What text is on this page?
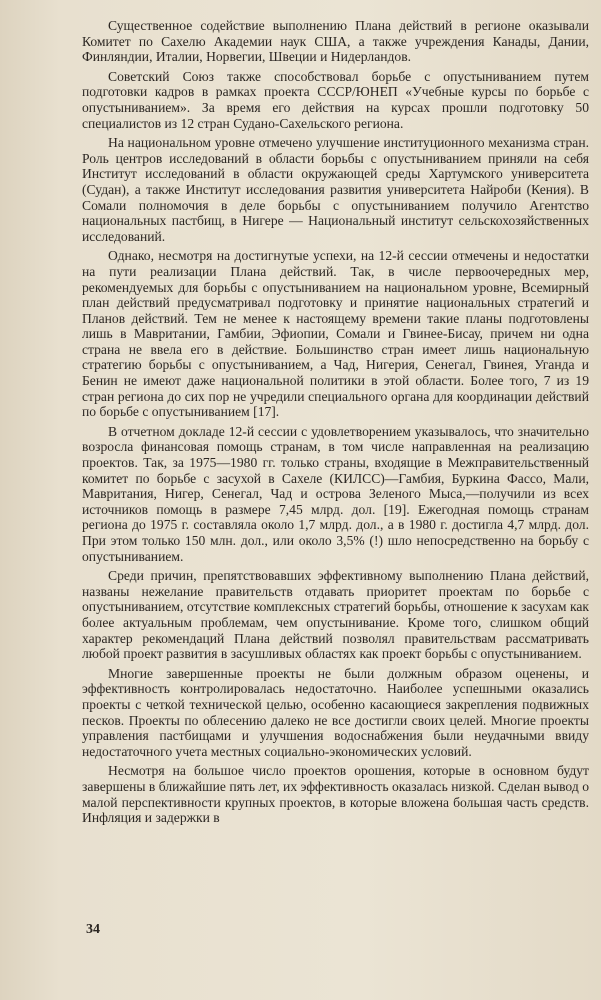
Существенное содействие выполнению Плана действий в регионе оказывали Комитет по Сахелю Академии наук США, а также учреждения Канады, Дании, Финляндии, Италии, Норвегии, Швеции и Нидерландов.

Советский Союз также способствовал борьбе с опустыниванием путем подготовки кадров в рамках проекта СССР/ЮНЕП «Учебные курсы по борьбе с опустыниванием». За время его действия на курсах прошли подготовку 50 специалистов из 12 стран Судано-Сахельского региона.

На национальном уровне отмечено улучшение институционного механизма стран. Роль центров исследований в области борьбы с опустыниванием приняли на себя Институт исследований в области окружающей среды Хартумского университета (Судан), а также Институт исследования развития университета Найроби (Кения). В Сомали полномочия в деле борьбы с опустыниванием получило Агентство национальных пастбищ, в Нигере — Национальный институт сельскохозяйственных исследований.

Однако, несмотря на достигнутые успехи, на 12-й сессии отмечены и недостатки на пути реализации Плана действий. Так, в числе первоочередных мер, рекомендуемых для борьбы с опустыниванием на национальном уровне, Всемирный план действий предусматривал подготовку и принятие национальных стратегий и Планов действий. Тем не менее к настоящему времени такие планы подготовлены лишь в Мавритании, Гамбии, Эфиопии, Сомали и Гвинее-Бисау, причем ни одна страна не ввела его в действие. Большинство стран имеет лишь национальную стратегию борьбы с опустыниванием, а Чад, Нигерия, Сенегал, Гвинея, Уганда и Бенин не имеют даже национальной политики в этой области. Более того, 7 из 19 стран региона до сих пор не учредили специального органа для координации действий по борьбе с опустыниванием [17].

В отчетном докладе 12-й сессии с удовлетворением указывалось, что значительно возросла финансовая помощь странам, в том числе направленная на реализацию проектов. Так, за 1975—1980 гг. только страны, входящие в Межправительственный комитет по борьбе с засухой в Сахеле (КИЛСС)—Гамбия, Буркина Фассо, Мали, Мавритания, Нигер, Сенегал, Чад и острова Зеленого Мыса,—получили из всех источников помощь в размере 7,45 млрд. дол. [19]. Ежегодная помощь странам региона до 1975 г. составляла около 1,7 млрд. дол., а в 1980 г. достигла 4,7 млрд. дол. При этом только 150 млн. дол., или около 3,5% (!) шло непосредственно на борьбу с опустыниванием.

Среди причин, препятствовавших эффективному выполнению Плана действий, названы нежелание правительств отдавать приоритет проектам по борьбе с опустыниванием, отсутствие комплексных стратегий борьбы, отношение к засухам как более актуальным проблемам, чем опустынивание. Кроме того, слишком общий характер рекомендаций Плана действий позволял правительствам рассматривать любой проект развития в засушливых областях как проект борьбы с опустыниванием.

Многие завершенные проекты не были должным образом оценены, и эффективность контролировалась недостаточно. Наиболее успешными оказались проекты с четкой технической целью, особенно касающиеся закрепления подвижных песков. Проекты по облесению далеко не все достигли своих целей. Многие проекты управления пастбищами и улучшения водоснабжения были неудачными ввиду недостаточного учета местных социально-экономических условий.

Несмотря на большое число проектов орошения, которые в основном будут завершены в ближайшие пять лет, их эффективность оказалась низкой. Сделан вывод о малой перспективности крупных проектов, в которые вложена большая часть средств. Инфляция и задержки в

34
